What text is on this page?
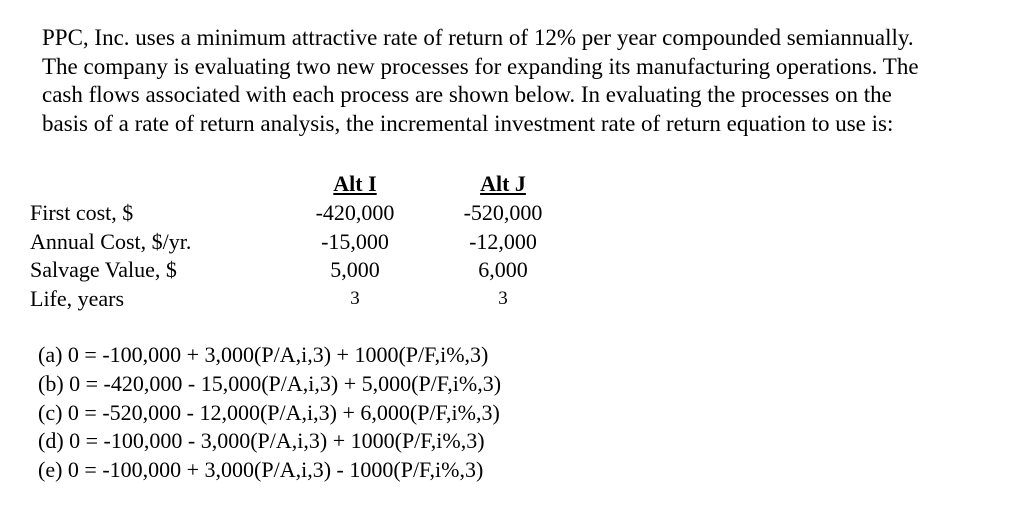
PPC, Inc. uses a minimum attractive rate of return of 12% per year compounded semiannually.
The company is evaluating two new processes for expanding its manufacturing operations. The
cash flows associated with each process are shown below. In evaluating the processes on the
basis of a rate of return analysis, the incremental investment rate of return equation to use is:

	Alt I	Alt J
First cost, $	-420,000	-520,000
Annual Cost, $/yr.	-15,000	-12,000
Salvage Value, $	5,000	6,000
Life, years	3	3
(a) 0 = -100,000 + 3,000(P/A,i,3) + 1000(P/F,i%,3)
(b) 0 = -420,000 - 15,000(P/A,i,3) + 5,000(P/F,i%,3)
(c) 0 = -520,000 - 12,000(P/A,i,3) + 6,000(P/F,i%,3)
(d) 0 = -100,000 - 3,000(P/A,i,3) + 1000(P/F,i%,3)
(e) 0 = -100,000 + 3,000(P/A,i,3) - 1000(P/F,i%,3)
